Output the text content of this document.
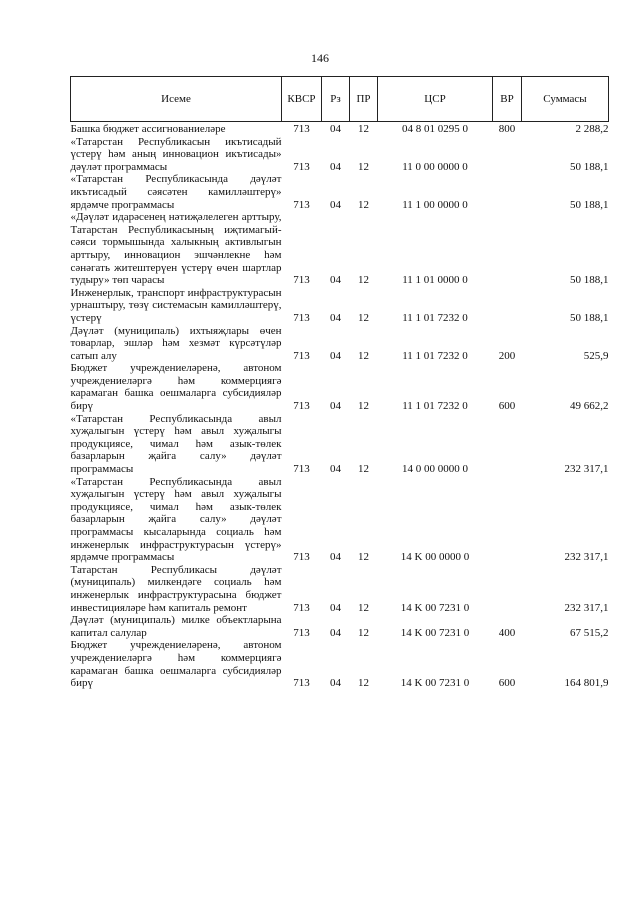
146
Исеме	КВСР	Рз	ПР	ЦСР	ВР	Суммасы
Башка бюджет ассигнованиеләре	713	04	12	04 8 01 0295 0	800	2 288,2
«Татарстан Республикасын икътисадый үстерү һәм аның инновацион икътисады» дәүләт программасы	713	04	12	11 0 00 0000 0		50 188,1
«Татарстан Республикасында дәүләт икътисадый сәясәтен камилләштерү» ярдәмче программасы	713	04	12	11 1 00 0000 0		50 188,1
«Дәүләт идарәсенең нәтиҗәлелеген арттыру, Татарстан Республикасының иҗтимагый-сәяси тормышында халыкның активлыгын арттыру, инновацион эшчәнлекне һәм сәнәгать житештерүен үстерү өчен шартлар тудыру» төп чарасы	713	04	12	11 1 01 0000 0		50 188,1
Инженерлык, транспорт инфраструктурасын урнаштыру, төзү системасын камилләштерү, үстерү	713	04	12	11 1 01 7232 0		50 188,1
Дәүләт (муниципаль) ихтыяҗлары өчен товарлар, эшләр һәм хезмәт күрсәтүләр сатып алу	713	04	12	11 1 01 7232 0	200	525,9
Бюджет учреждениеләренә, автоном учреждениеләргә һәм коммерциягә карамаган башка оешмаларга субсидияләр бирү	713	04	12	11 1 01 7232 0	600	49 662,2
«Татарстан Республикасында авыл хуҗалыгын үстерү һәм авыл хуҗалыгы продукциясе, чимал һәм азык-төлек базарларын җайга салу» дәүләт программасы	713	04	12	14 0 00 0000 0		232 317,1
«Татарстан Республикасында авыл хуҗалыгын үстерү һәм авыл хуҗалыгы продукциясе, чимал һәм азык-төлек базарларын җайга салу» дәүләт программасы кысаларында социаль һәм инженерлык инфраструктурасын үстерү» ярдәмче программасы	713	04	12	14 K 00 0000 0		232 317,1
Татарстан Республикасы дәүләт (муниципаль) милкендәге социаль һәм инженерлык инфраструктурасына бюджет инвестицияләре һәм капиталь ремонт	713	04	12	14 K 00 7231 0		232 317,1
Дәүләт (муниципаль) милке объектларына капитал салулар	713	04	12	14 K 00 7231 0	400	67 515,2
Бюджет учреждениеләренә, автоном учреждениеләргә һәм коммерциягә карамаган башка оешмаларга субсидияләр бирү	713	04	12	14 K 00 7231 0	600	164 801,9
